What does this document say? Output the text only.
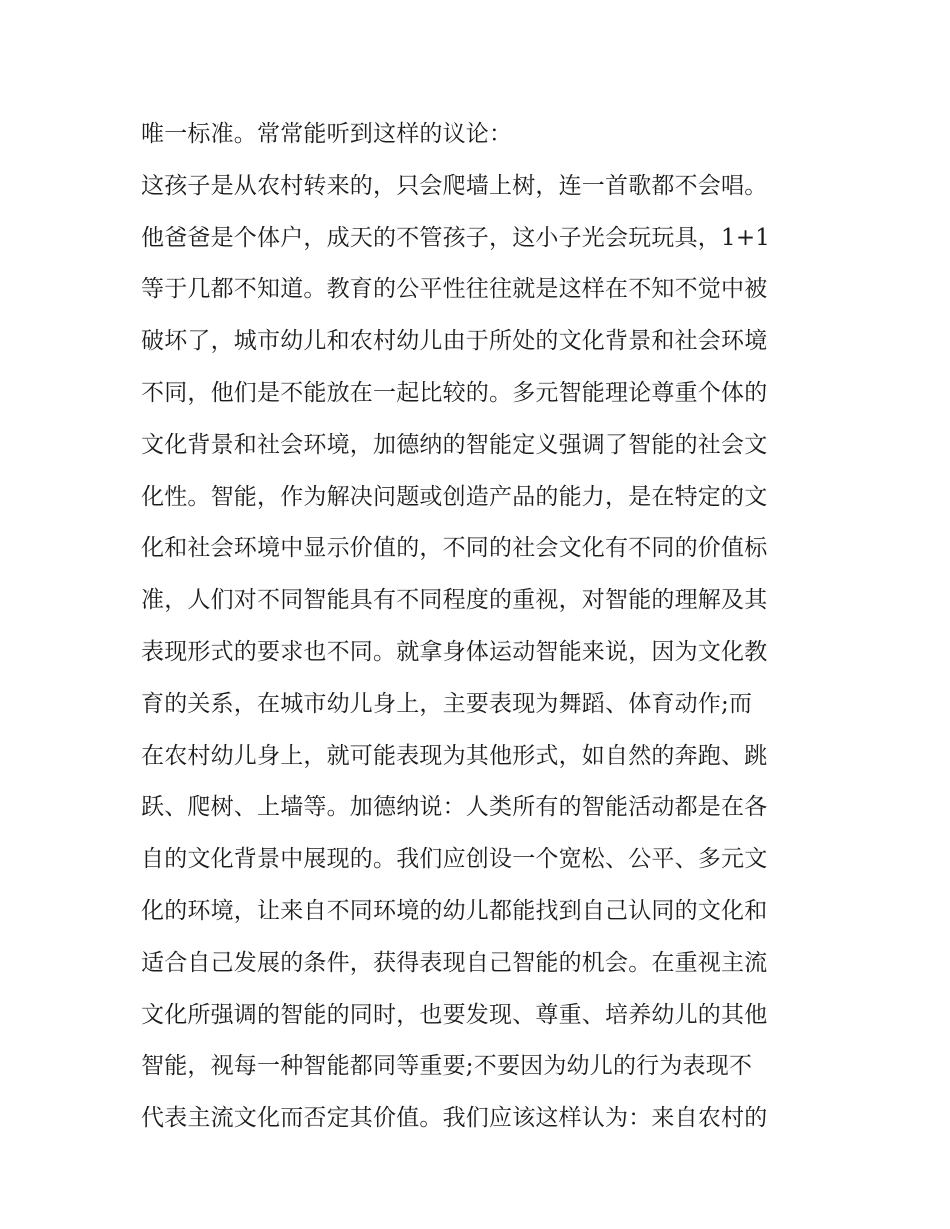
唯一标准。常常能听到这样的议论：
这孩子是从农村转来的，只会爬墙上树，连一首歌都不会唱。
他爸爸是个体户，成天的不管孩子，这小子光会玩玩具，1+1
等于几都不知道。教育的公平性往往就是这样在不知不觉中被
破坏了，城市幼儿和农村幼儿由于所处的文化背景和社会环境
不同，他们是不能放在一起比较的。多元智能理论尊重个体的
文化背景和社会环境，加德纳的智能定义强调了智能的社会文
化性。智能，作为解决问题或创造产品的能力，是在特定的文
化和社会环境中显示价值的，不同的社会文化有不同的价值标
准，人们对不同智能具有不同程度的重视，对智能的理解及其
表现形式的要求也不同。就拿身体运动智能来说，因为文化教
育的关系，在城市幼儿身上，主要表现为舞蹈、体育动作;而
在农村幼儿身上，就可能表现为其他形式，如自然的奔跑、跳
跃、爬树、上墙等。加德纳说：人类所有的智能活动都是在各
自的文化背景中展现的。我们应创设一个宽松、公平、多元文
化的环境，让来自不同环境的幼儿都能找到自己认同的文化和
适合自己发展的条件，获得表现自己智能的机会。在重视主流
文化所强调的智能的同时，也要发现、尊重、培养幼儿的其他
智能，视每一种智能都同等重要;不要因为幼儿的行为表现不
代表主流文化而否定其价值。我们应该这样认为：来自农村的
